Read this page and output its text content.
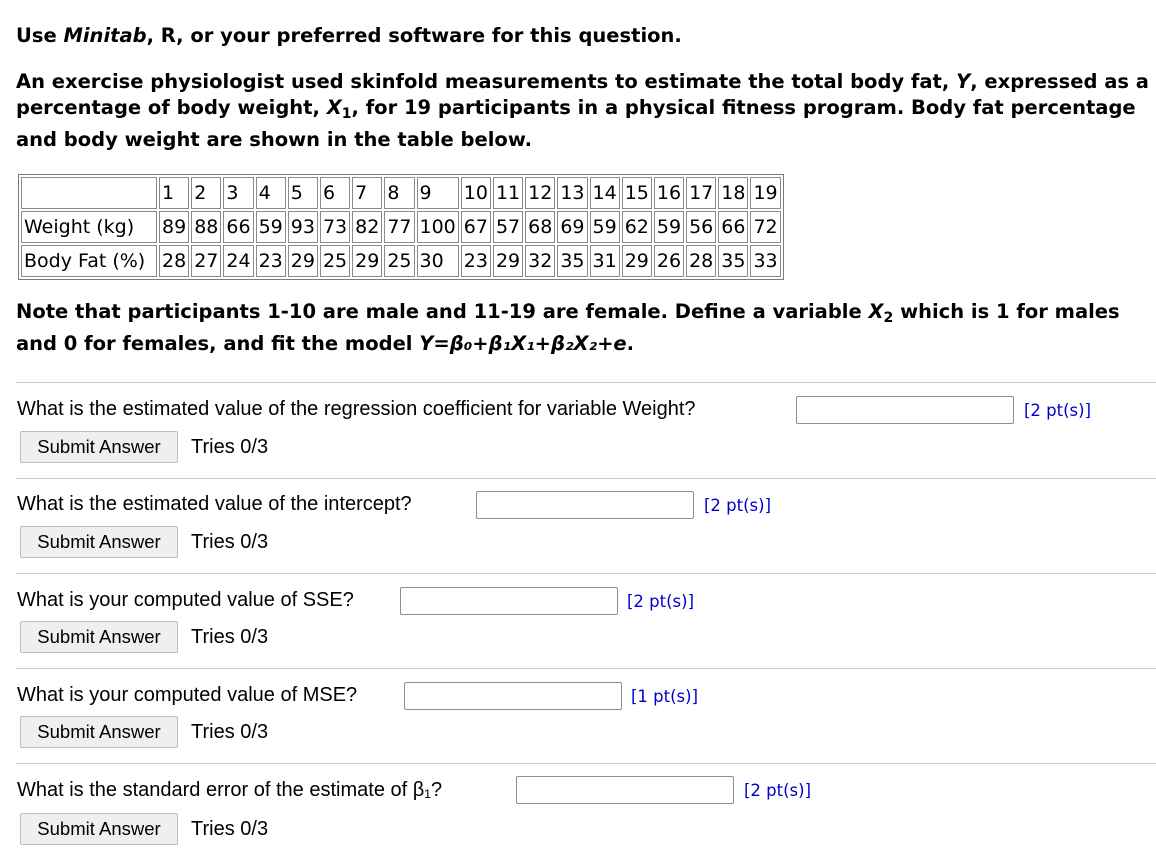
Use Minitab, R, or your preferred software for this question.
An exercise physiologist used skinfold measurements to estimate the total body fat, Y, expressed as a
percentage of body weight, $X_1$, for 19 participants in a physical fitness program. Body fat percentage
and body weight are shown in the table below.
	1	2	3	4	5	6	7	8	9	10	11	12	13	14	15	16	17	18	19
Weight (kg)	89	88	66	59	93	73	82	77	100	67	57	68	69	59	62	59	56	66	72
Body Fat (%)	28	27	24	23	29	25	29	25	30	23	29	32	35	31	29	26	28	35	33
Note that participants 1-10 are male and 11-19 are female. Define a variable $X_2$ which is 1 for males
and 0 for females, and fit the model Y=β₀+β₁X₁+β₂X₂+e.
What is the estimated value of the regression coefficient for variable Weight?	[2 pt(s)]
Submit Answer	Tries 0/3
What is the estimated value of the intercept?	[2 pt(s)]
Submit Answer	Tries 0/3
What is your computed value of SSE?	[2 pt(s)]
Submit Answer	Tries 0/3
What is your computed value of MSE?	[1 pt(s)]
Submit Answer	Tries 0/3
What is the standard error of the estimate of β₁?	[2 pt(s)]
Submit Answer	Tries 0/3
